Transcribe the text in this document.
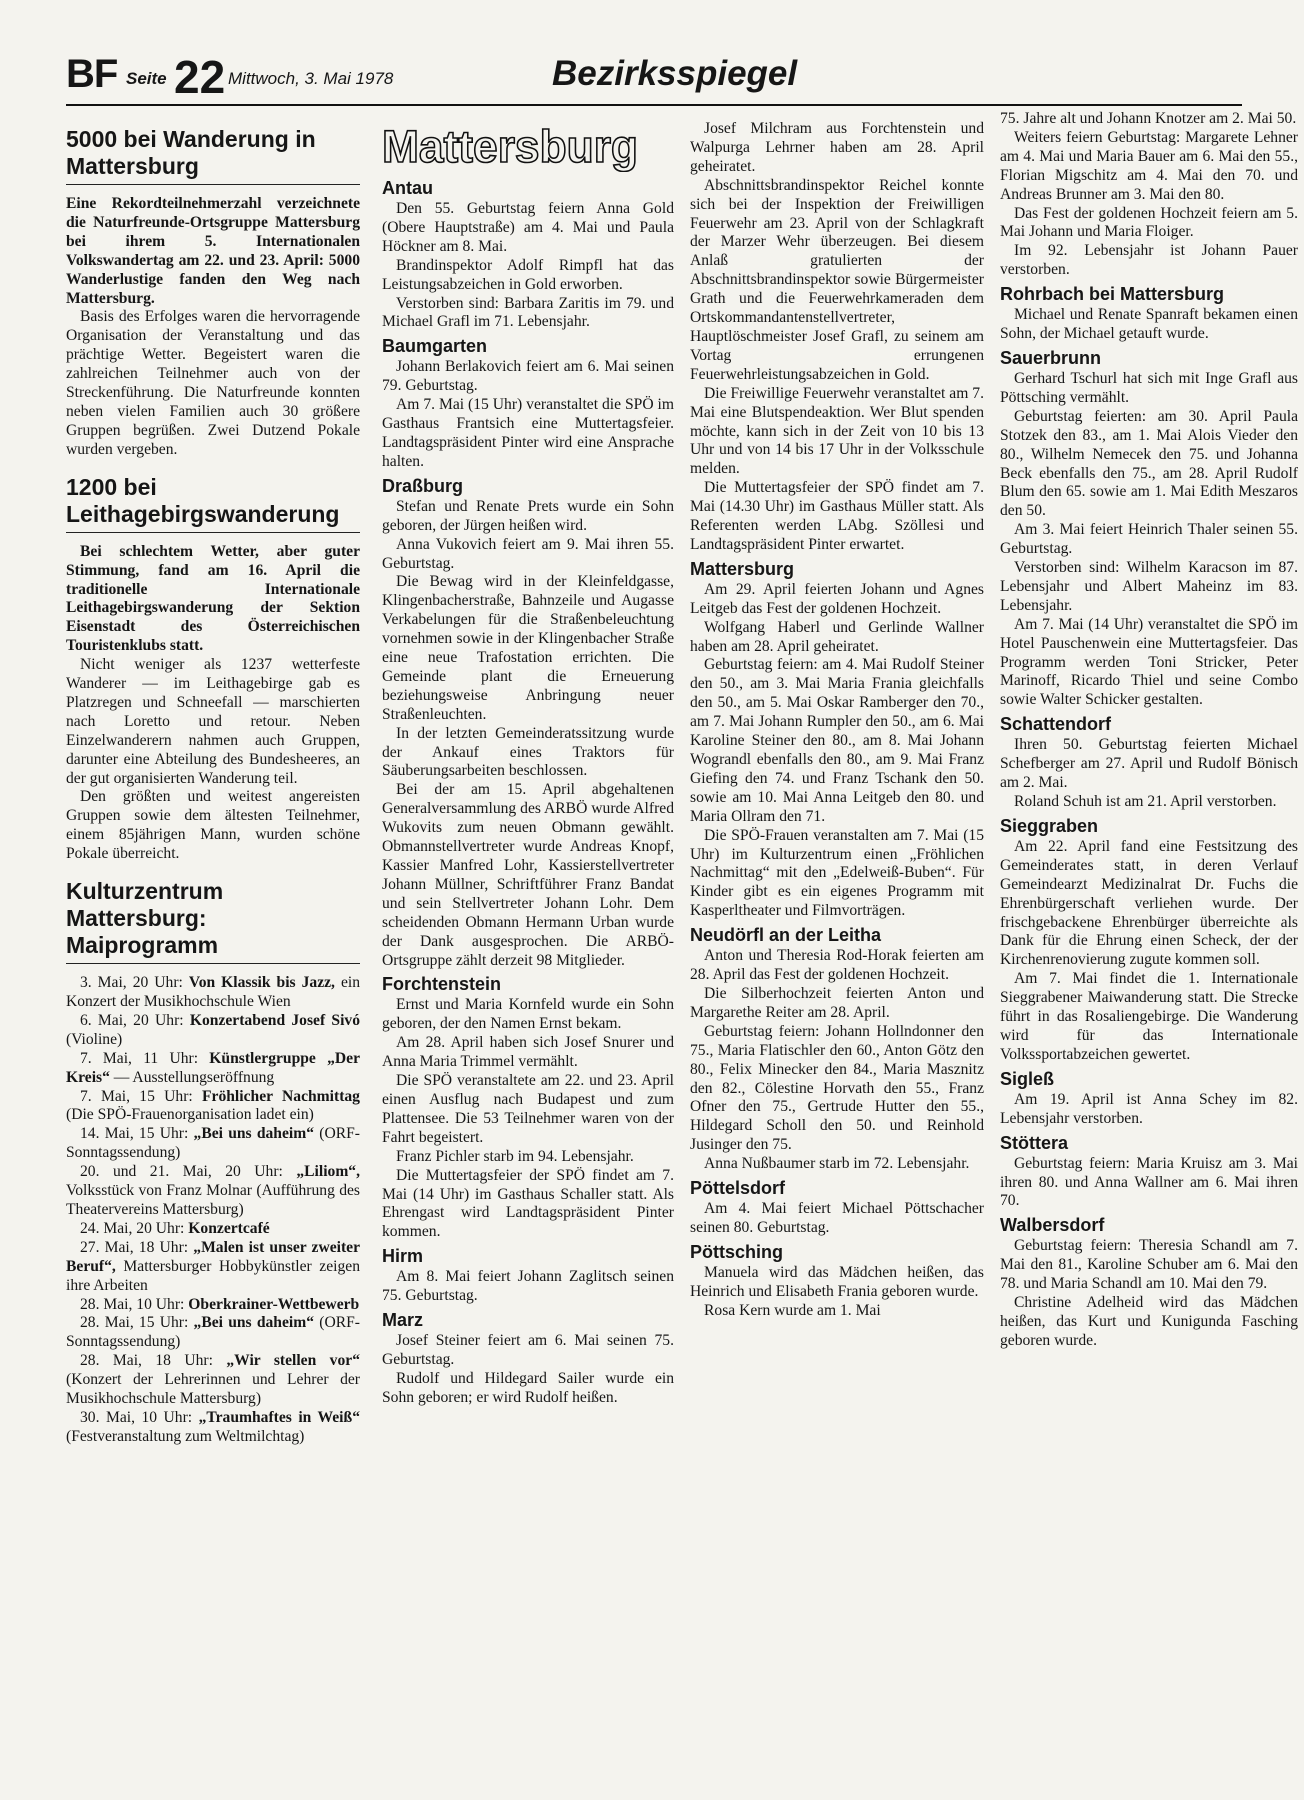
BF Seite 22 Mittwoch, 3. Mai 1978	Bezirksspiegel
5000 bei Wanderung in Mattersburg

Eine Rekordteilnehmerzahl verzeichnete die Naturfreunde-Ortsgruppe Mattersburg bei ihrem 5. Internationalen Volkswandertag am 22. und 23. April: 5000 Wanderlustige fanden den Weg nach Mattersburg.

Basis des Erfolges waren die hervorragende Organisation der Veranstaltung und das prächtige Wetter. Begeistert waren die zahlreichen Teilnehmer auch von der Streckenführung. Die Naturfreunde konnten neben vielen Familien auch 30 größere Gruppen begrüßen. Zwei Dutzend Pokale wurden vergeben.

1200 bei Leithagebirgswanderung

Bei schlechtem Wetter, aber guter Stimmung, fand am 16. April die traditionelle Internationale Leithagebirgswanderung der Sektion Eisenstadt des Österreichischen Touristenklubs statt.

Nicht weniger als 1237 wetterfeste Wanderer — im Leithagebirge gab es Platzregen und Schneefall — marschierten nach Loretto und retour. Neben Einzelwanderern nahmen auch Gruppen, darunter eine Abteilung des Bundesheeres, an der gut organisierten Wanderung teil.

Den größten und weitest angereisten Gruppen sowie dem ältesten Teilnehmer, einem 85jährigen Mann, wurden schöne Pokale überreicht.

Kulturzentrum Mattersburg: Maiprogramm

3. Mai, 20 Uhr: Von Klassik bis Jazz, ein Konzert der Musikhochschule Wien

6. Mai, 20 Uhr: Konzertabend Josef Sivó (Violine)

7. Mai, 11 Uhr: Künstlergruppe „Der Kreis“ — Ausstellungseröffnung

7. Mai, 15 Uhr: Fröhlicher Nachmittag (Die SPÖ-Frauenorganisation ladet ein)

14. Mai, 15 Uhr: „Bei uns daheim“ (ORF-Sonntagssendung)

20. und 21. Mai, 20 Uhr: „Liliom“, Volksstück von Franz Molnar (Aufführung des Theatervereins Mattersburg)

24. Mai, 20 Uhr: Konzertcafé

27. Mai, 18 Uhr: „Malen ist unser zweiter Beruf“, Mattersburger Hobbykünstler zeigen ihre Arbeiten

28. Mai, 10 Uhr: Oberkrainer-Wettbewerb

28. Mai, 15 Uhr: „Bei uns daheim“ (ORF-Sonntagssendung)

28. Mai, 18 Uhr: „Wir stellen vor“ (Konzert der Lehrerinnen und Lehrer der Musikhochschule Mattersburg)

30. Mai, 10 Uhr: „Traumhaftes in Weiß“ (Festveranstaltung zum Weltmilchtag)

Mattersburg
Antau

Den 55. Geburtstag feiern Anna Gold (Obere Hauptstraße) am 4. Mai und Paula Höckner am 8. Mai.

Brandinspektor Adolf Rimpfl hat das Leistungsabzeichen in Gold erworben.

Verstorben sind: Barbara Zaritis im 79. und Michael Grafl im 71. Lebensjahr.

Baumgarten

Johann Berlakovich feiert am 6. Mai seinen 79. Geburtstag.

Am 7. Mai (15 Uhr) veranstaltet die SPÖ im Gasthaus Frantsich eine Muttertagsfeier. Landtagspräsident Pinter wird eine Ansprache halten.

Draßburg

Stefan und Renate Prets wurde ein Sohn geboren, der Jürgen heißen wird.

Anna Vukovich feiert am 9. Mai ihren 55. Geburtstag.

Die Bewag wird in der Kleinfeldgasse, Klingenbacherstraße, Bahnzeile und Augasse Verkabelungen für die Straßenbeleuchtung vornehmen sowie in der Klingenbacher Straße eine neue Trafostation errichten. Die Gemeinde plant die Erneuerung beziehungsweise Anbringung neuer Straßenleuchten.

In der letzten Gemeinderatssitzung wurde der Ankauf eines Traktors für Säuberungsarbeiten beschlossen.

Bei der am 15. April abgehaltenen Generalversammlung des ARBÖ wurde Alfred Wukovits zum neuen Obmann gewählt. Obmannstellvertreter wurde Andreas Knopf, Kassier Manfred Lohr, Kassierstellvertreter Johann Müllner, Schriftführer Franz Bandat und sein Stellvertreter Johann Lohr. Dem scheidenden Obmann Hermann Urban wurde der Dank ausgesprochen. Die ARBÖ-Ortsgruppe zählt derzeit 98 Mitglieder.

Forchtenstein

Ernst und Maria Kornfeld wurde ein Sohn geboren, der den Namen Ernst bekam.

Am 28. April haben sich Josef Snurer und Anna Maria Trimmel vermählt.

Die SPÖ veranstaltete am 22. und 23. April einen Ausflug nach Budapest und zum Plattensee. Die 53 Teilnehmer waren von der Fahrt begeistert.

Franz Pichler starb im 94. Lebensjahr.

Die Muttertagsfeier der SPÖ findet am 7. Mai (14 Uhr) im Gasthaus Schaller statt. Als Ehrengast wird Landtagspräsident Pinter kommen.

Hirm

Am 8. Mai feiert Johann Zaglitsch seinen 75. Geburtstag.

Marz

Josef Steiner feiert am 6. Mai seinen 75. Geburtstag.

Rudolf und Hildegard Sailer wurde ein Sohn geboren; er wird Rudolf heißen.

Josef Milchram aus Forchtenstein und Walpurga Lehrner haben am 28. April geheiratet.

Abschnittsbrandinspektor Reichel konnte sich bei der Inspektion der Freiwilligen Feuerwehr am 23. April von der Schlagkraft der Marzer Wehr überzeugen. Bei diesem Anlaß gratulierten der Abschnittsbrandinspektor sowie Bürgermeister Grath und die Feuerwehrkameraden dem Ortskommandantenstellvertreter, Hauptlöschmeister Josef Grafl, zu seinem am Vortag errungenen Feuerwehrleistungsabzeichen in Gold.

Die Freiwillige Feuerwehr veranstaltet am 7. Mai eine Blutspendeaktion. Wer Blut spenden möchte, kann sich in der Zeit von 10 bis 13 Uhr und von 14 bis 17 Uhr in der Volksschule melden.

Die Muttertagsfeier der SPÖ findet am 7. Mai (14.30 Uhr) im Gasthaus Müller statt. Als Referenten werden LAbg. Szöllesi und Landtagspräsident Pinter erwartet.

Mattersburg

Am 29. April feierten Johann und Agnes Leitgeb das Fest der goldenen Hochzeit.

Wolfgang Haberl und Gerlinde Wallner haben am 28. April geheiratet.

Geburtstag feiern: am 4. Mai Rudolf Steiner den 50., am 3. Mai Maria Frania gleichfalls den 50., am 5. Mai Oskar Ramberger den 70., am 7. Mai Johann Rumpler den 50., am 6. Mai Karoline Steiner den 80., am 8. Mai Johann Wograndl ebenfalls den 80., am 9. Mai Franz Giefing den 74. und Franz Tschank den 50. sowie am 10. Mai Anna Leitgeb den 80. und Maria Ollram den 71.

Die SPÖ-Frauen veranstalten am 7. Mai (15 Uhr) im Kulturzentrum einen „Fröhlichen Nachmittag“ mit den „Edelweiß-Buben“. Für Kinder gibt es ein eigenes Programm mit Kasperltheater und Filmvorträgen.

Neudörfl an der Leitha

Anton und Theresia Rod-Horak feierten am 28. April das Fest der goldenen Hochzeit.

Die Silberhochzeit feierten Anton und Margarethe Reiter am 28. April.

Geburtstag feiern: Johann Hollndonner den 75., Maria Flatischler den 60., Anton Götz den 80., Felix Minecker den 84., Maria Masznitz den 82., Cölestine Horvath den 55., Franz Ofner den 75., Gertrude Hutter den 55., Hildegard Scholl den 50. und Reinhold Jusinger den 75.

Anna Nußbaumer starb im 72. Lebensjahr.

Pöttelsdorf

Am 4. Mai feiert Michael Pöttschacher seinen 80. Geburtstag.

Pöttsching

Manuela wird das Mädchen heißen, das Heinrich und Elisabeth Frania geboren wurde.

Rosa Kern wurde am 1. Mai

75. Jahre alt und Johann Knotzer am 2. Mai 50.

Weiters feiern Geburtstag: Margarete Lehner am 4. Mai und Maria Bauer am 6. Mai den 55., Florian Migschitz am 4. Mai den 70. und Andreas Brunner am 3. Mai den 80.

Das Fest der goldenen Hochzeit feiern am 5. Mai Johann und Maria Floiger.

Im 92. Lebensjahr ist Johann Pauer verstorben.

Rohrbach bei Mattersburg

Michael und Renate Spanraft bekamen einen Sohn, der Michael getauft wurde.

Sauerbrunn

Gerhard Tschurl hat sich mit Inge Grafl aus Pöttsching vermählt.

Geburtstag feierten: am 30. April Paula Stotzek den 83., am 1. Mai Alois Vieder den 80., Wilhelm Nemecek den 75. und Johanna Beck ebenfalls den 75., am 28. April Rudolf Blum den 65. sowie am 1. Mai Edith Meszaros den 50.

Am 3. Mai feiert Heinrich Thaler seinen 55. Geburtstag.

Verstorben sind: Wilhelm Karacson im 87. Lebensjahr und Albert Maheinz im 83. Lebensjahr.

Am 7. Mai (14 Uhr) veranstaltet die SPÖ im Hotel Pauschenwein eine Muttertagsfeier. Das Programm werden Toni Stricker, Peter Marinoff, Ricardo Thiel und seine Combo sowie Walter Schicker gestalten.

Schattendorf

Ihren 50. Geburtstag feierten Michael Schefberger am 27. April und Rudolf Bönisch am 2. Mai.

Roland Schuh ist am 21. April verstorben.

Sieggraben

Am 22. April fand eine Festsitzung des Gemeinderates statt, in deren Verlauf Gemeindearzt Medizinalrat Dr. Fuchs die Ehrenbürgerschaft verliehen wurde. Der frischgebackene Ehrenbürger überreichte als Dank für die Ehrung einen Scheck, der der Kirchenrenovierung zugute kommen soll.

Am 7. Mai findet die 1. Internationale Sieggrabener Maiwanderung statt. Die Strecke führt in das Rosaliengebirge. Die Wanderung wird für das Internationale Volkssportabzeichen gewertet.

Sigleß

Am 19. April ist Anna Schey im 82. Lebensjahr verstorben.

Stöttera

Geburtstag feiern: Maria Kruisz am 3. Mai ihren 80. und Anna Wallner am 6. Mai ihren 70.

Walbersdorf

Geburtstag feiern: Theresia Schandl am 7. Mai den 81., Karoline Schuber am 6. Mai den 78. und Maria Schandl am 10. Mai den 79.

Christine Adelheid wird das Mädchen heißen, das Kurt und Kunigunda Fasching geboren wurde.
